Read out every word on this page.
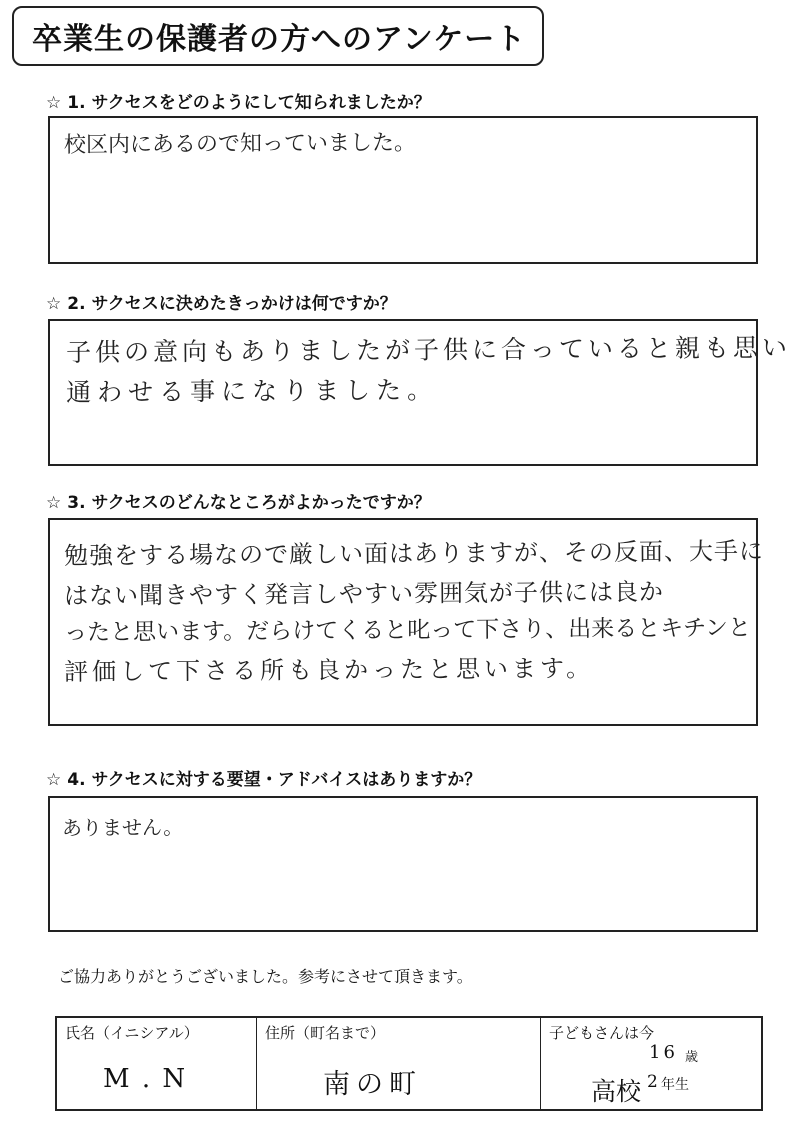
卒業生の保護者の方へのアンケート
☆ 1. サクセスをどのようにして知られましたか？
校区内にあるので知っていました。
☆ 2. サクセスに決めたきっかけは何ですか？
子供の意向もありましたが子供に合っていると親も思い
通わせる事になりました。
☆ 3. サクセスのどんなところがよかったですか？
勉強をする場なので厳しい面はありますが、その反面、大手に
はない聞きやすく発言しやすい雰囲気が子供には良か
ったと思います。だらけてくると叱って下さり、出来るとキチンと
評価して下さる所も良かったと思います。
☆ 4. サクセスに対する要望・アドバイスはありますか？
ありません。
ご協力ありがとうございました。参考にさせて頂きます。
氏名（イニシアル）
M . N
住所（町名まで）
南の町
子どもさんは今
16 歳
高校 2 年生
